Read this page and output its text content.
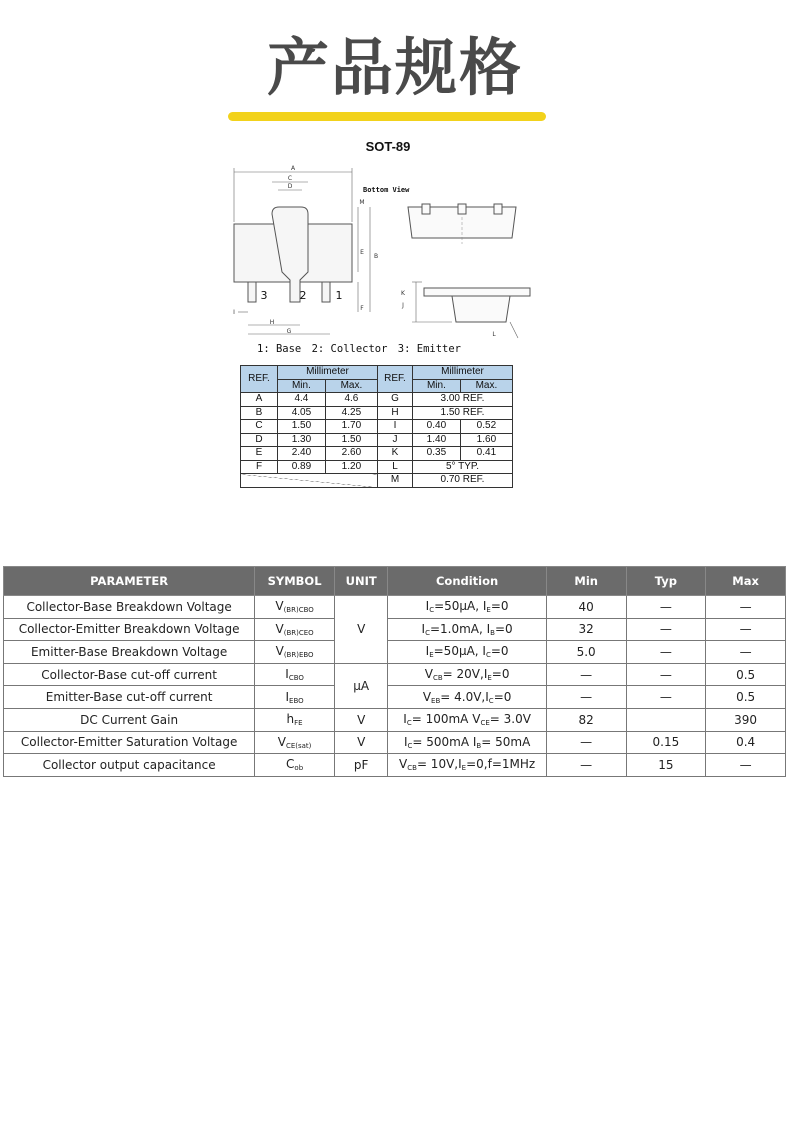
产品规格
SOT-89
A
C
D
M
E
B
F
I
H
G
K
J
L
3	2	1
Bottom View
1: Base 2: Collector 3: Emitter
REF.	Millimeter		REF.	Millimeter	
	Min.	Max.		Min.	Max.
A	4.4	4.6	G	3.00 REF.	
B	4.05	4.25	H	1.50 REF.	
C	1.50	1.70	I	0.40	0.52
D	1.30	1.50	J	1.40	1.60
E	2.40	2.60	K	0.35	0.41
F	0.89	1.20	L	5° TYP.	
			M	0.70 REF.	
PARAMETER	SYMBOL	UNIT	Condition	Min	Typ	Max
Collector-Base Breakdown Voltage	$V_{(BR)CBO}$	V	$I_C=50\mu A$, $I_E=0$	40	—	—
Collector-Emitter Breakdown Voltage	$V_{(BR)CEO}$		$I_C=1.0mA$, $I_B=0$	32	—	—
Emitter-Base Breakdown Voltage	$V_{(BR)EBO}$		$I_E=50\mu A$, $I_C=0$	5.0	—	—
Collector-Base cut-off current	$I_{CBO}$	μA	$V_{CB}= 20V,I_E=0$	—	—	0.5
Emitter-Base cut-off current	$I_{EBO}$		$V_{EB}= 4.0V,I_C=0$	—	—	0.5
DC Current Gain	$h_{FE}$	V	$I_C= 100mA$ $V_{CE}= 3.0V$	82		390
Collector-Emitter Saturation Voltage	$V_{CE(sat)}$	V	$I_C= 500mA$ $I_B= 50mA$	—	0.15	0.4
Collector output capacitance	$C_{ob}$	pF	$V_{CB}= 10V,I_E=0,f=1MHz$	—	15	—
